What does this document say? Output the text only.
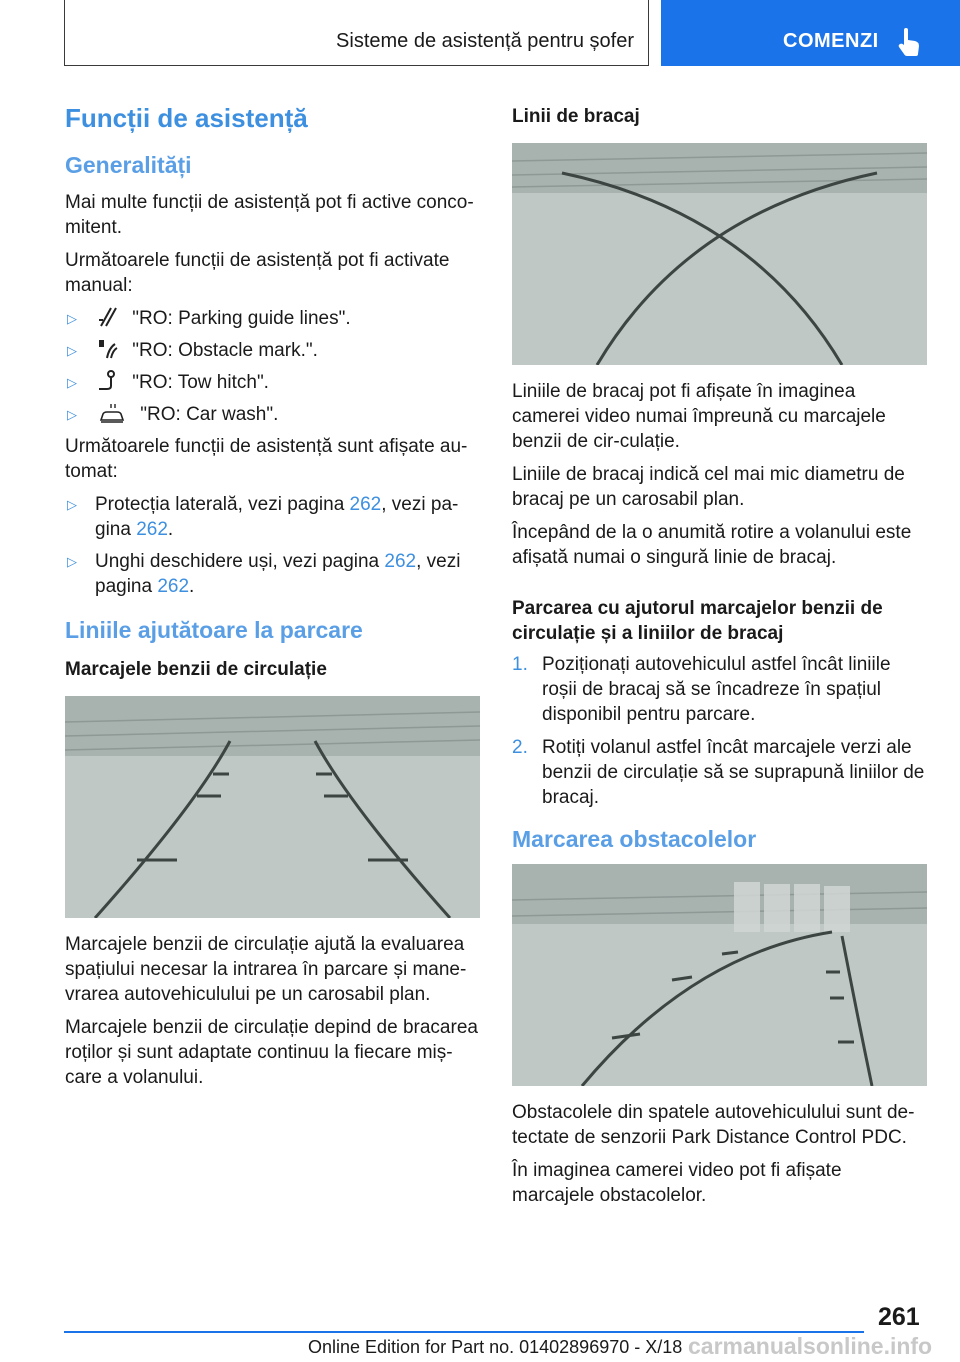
Sisteme de asistență pentru șofer	COMENZI
Funcții de asistență
Generalități

Mai multe funcții de asistență pot fi active conco-mitent.

Următoarele funcții de asistență pot fi activate manual:

▷	"RO: Parking guide lines".
▷	"RO: Obstacle mark.".
▷	"RO: Tow hitch".
▷	"RO: Car wash".

Următoarele funcții de asistență sunt afișate au-tomat:

▷ Protecția laterală, vezi pagina 262, vezi pa-gina 262.
▷ Unghi deschidere uși, vezi pagina 262, vezi pagina 262.
Liniile ajutătoare la parcare
Marcajele benzii de circulație

Marcajele benzii de circulație ajută la evaluarea spațiului necesar la intrarea în parcare și mane-vrarea autovehiculului pe un carosabil plan.

Marcajele benzii de circulație depind de bracarea roților și sunt adaptate continuu la fiecare miș-care a volanului.

Linii de bracaj

Liniile de bracaj pot fi afișate în imaginea camerei video numai împreună cu marcajele benzii de cir-culație.

Liniile de bracaj indică cel mai mic diametru de bracaj pe un carosabil plan.

Începând de la o anumită rotire a volanului este afișată numai o singură linie de bracaj.

Parcarea cu ajutorul marcajelor benzii de circulație și a liniilor de bracaj
1. Poziționați autovehiculul astfel încât liniile roșii de bracaj să se încadreze în spațiul disponibil pentru parcare.
2. Rotiți volanul astfel încât marcajele verzi ale benzii de circulație să se suprapună liniilor de bracaj.
Marcarea obstacolelor

Obstacolele din spatele autovehiculului sunt de-tectate de senzorii Park Distance Control PDC.

În imaginea camerei video pot fi afișate marcajele obstacolelor.

261
Online Edition for Part no. 01402896970 - X/18 carmanualsonline.info
